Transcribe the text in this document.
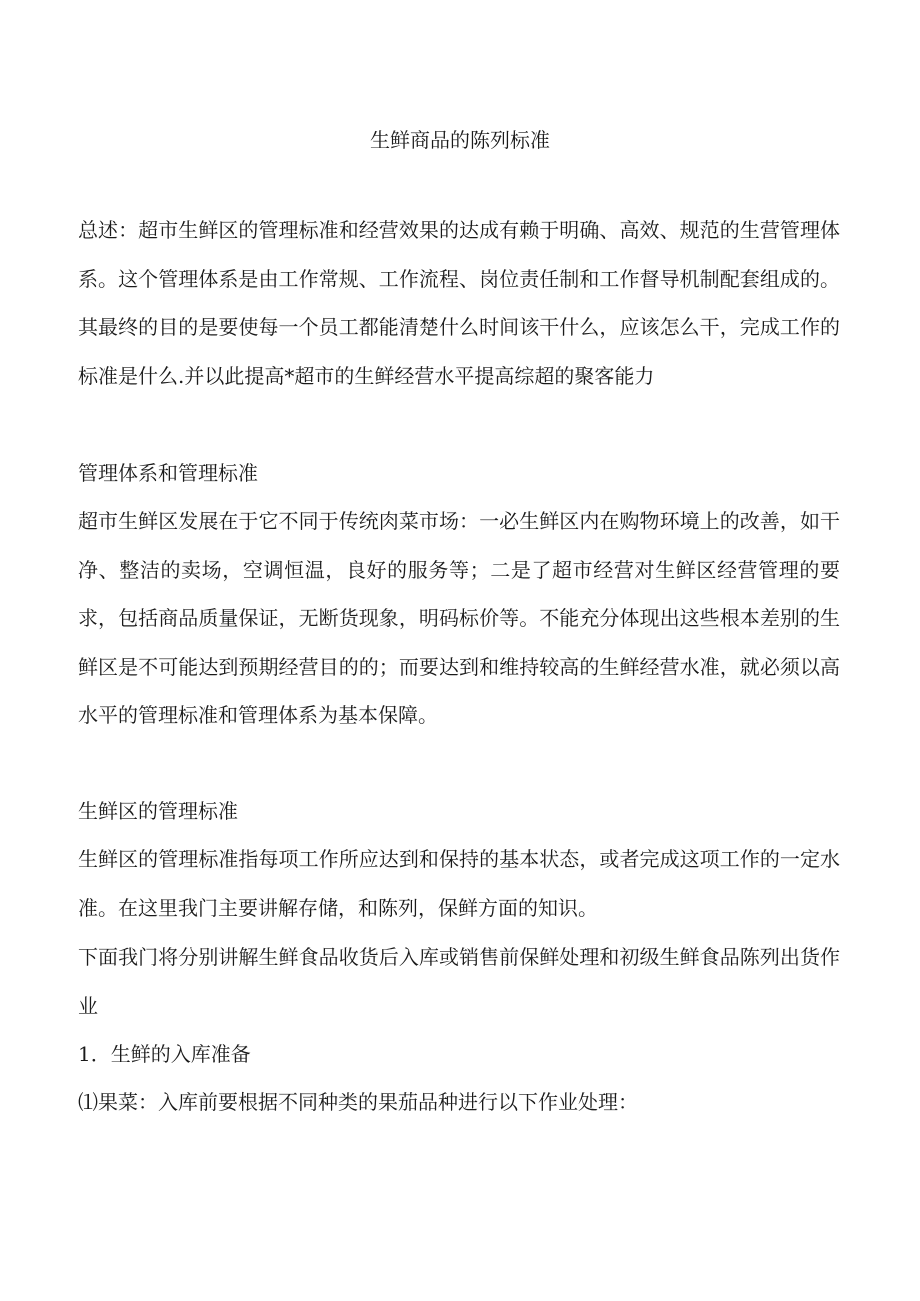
生鲜商品的陈列标准

总述：超市生鲜区的管理标准和经营效果的达成有赖于明确、高效、规范的生营管理体系。这个管理体系是由工作常规、工作流程、岗位责任制和工作督导机制配套组成的。其最终的目的是要使每一个员工都能清楚什么时间该干什么，应该怎么干，完成工作的标准是什么.并以此提高*超市的生鲜经营水平提高综超的聚客能力

管理体系和管理标准

超市生鲜区发展在于它不同于传统肉菜市场：一必生鲜区内在购物环境上的改善，如干净、整洁的卖场，空调恒温，良好的服务等；二是了超市经营对生鲜区经营管理的要求，包括商品质量保证，无断货现象，明码标价等。不能充分体现出这些根本差别的生鲜区是不可能达到预期经营目的的；而要达到和维持较高的生鲜经营水准，就必须以高水平的管理标准和管理体系为基本保障。

生鲜区的管理标准

生鲜区的管理标准指每项工作所应达到和保持的基本状态，或者完成这项工作的一定水准。在这里我门主要讲解存储，和陈列，保鲜方面的知识。

下面我门将分别讲解生鲜食品收货后入库或销售前保鲜处理和初级生鲜食品陈列出货作业

1．生鲜的入库准备

⑴果菜：入库前要根据不同种类的果茄品种进行以下作业处理：
